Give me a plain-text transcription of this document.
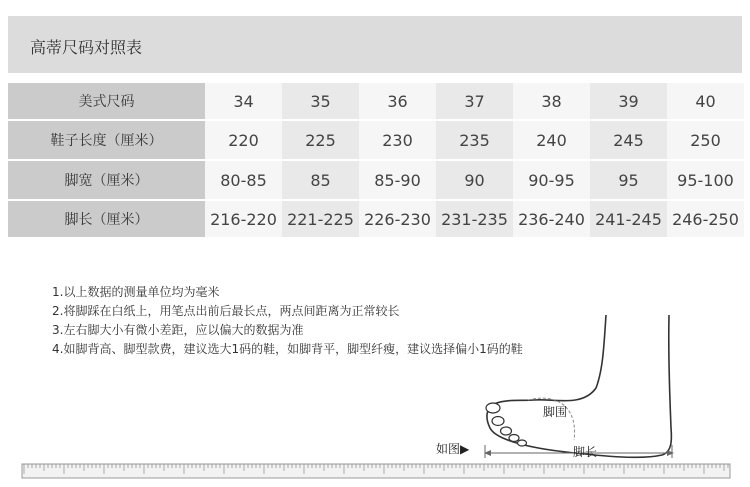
高蒂尺码对照表
美式尺码	34	35	36	37	38	39	40
鞋子长度（厘米）	220	225	230	235	240	245	250
脚宽（厘米）	80-85	85	85-90	90	90-95	95	95-100
脚长（厘米）	216-220	221-225	226-230	231-235	236-240	241-245	246-250
1.以上数据的测量单位均为毫米
2.将脚踩在白纸上，用笔点出前后最长点，两点间距离为正常较长
3.左右脚大小有微小差距，应以偏大的数据为准
4.如脚背高、脚型款费，建议选大1码的鞋，如脚背平，脚型纤瘦，建议选择偏小1码的鞋
脚围
脚长
如图▶
